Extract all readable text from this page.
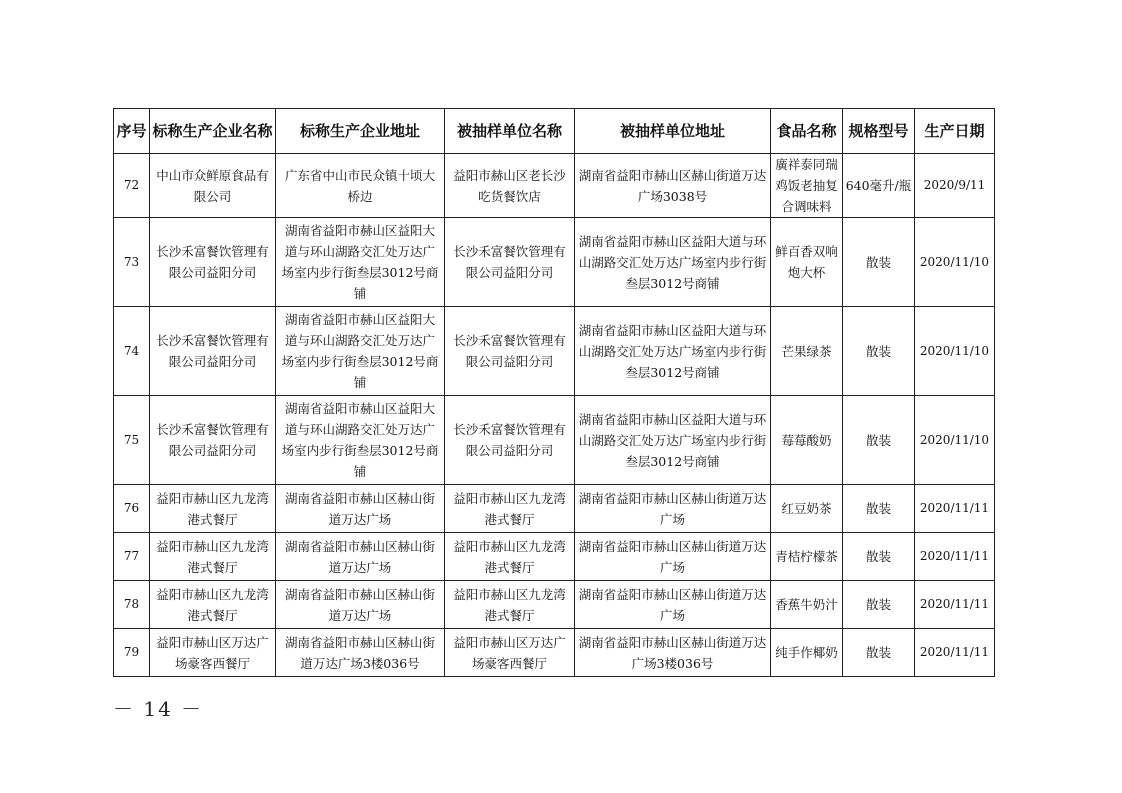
序号	标称生产企业名称	标称生产企业地址	被抽样单位名称	被抽样单位地址	食品名称	规格型号	生产日期
72	中山市众鲜原食品有限公司	广东省中山市民众镇十顷大桥边	益阳市赫山区老长沙吃货餐饮店	湖南省益阳市赫山区赫山街道万达广场3038号	廣祥泰同瑞鸡饭老抽复合调味料	640毫升/瓶	2020/9/11
73	长沙禾富餐饮管理有限公司益阳分司	湖南省益阳市赫山区益阳大道与环山湖路交汇处万达广场室内步行街叁层3012号商铺	长沙禾富餐饮管理有限公司益阳分司	湖南省益阳市赫山区益阳大道与环山湖路交汇处万达广场室内步行街叁层3012号商铺	鲜百香双响炮大杯	散装	2020/11/10
74	长沙禾富餐饮管理有限公司益阳分司	湖南省益阳市赫山区益阳大道与环山湖路交汇处万达广场室内步行街叁层3012号商铺	长沙禾富餐饮管理有限公司益阳分司	湖南省益阳市赫山区益阳大道与环山湖路交汇处万达广场室内步行街叁层3012号商铺	芒果绿茶	散装	2020/11/10
75	长沙禾富餐饮管理有限公司益阳分司	湖南省益阳市赫山区益阳大道与环山湖路交汇处万达广场室内步行街叁层3012号商铺	长沙禾富餐饮管理有限公司益阳分司	湖南省益阳市赫山区益阳大道与环山湖路交汇处万达广场室内步行街叁层3012号商铺	莓莓酸奶	散装	2020/11/10
76	益阳市赫山区九龙湾港式餐厅	湖南省益阳市赫山区赫山街道万达广场	益阳市赫山区九龙湾港式餐厅	湖南省益阳市赫山区赫山街道万达广场	红豆奶茶	散装	2020/11/11
77	益阳市赫山区九龙湾港式餐厅	湖南省益阳市赫山区赫山街道万达广场	益阳市赫山区九龙湾港式餐厅	湖南省益阳市赫山区赫山街道万达广场	青桔柠檬茶	散装	2020/11/11
78	益阳市赫山区九龙湾港式餐厅	湖南省益阳市赫山区赫山街道万达广场	益阳市赫山区九龙湾港式餐厅	湖南省益阳市赫山区赫山街道万达广场	香蕉牛奶汁	散装	2020/11/11
79	益阳市赫山区万达广场豪客西餐厅	湖南省益阳市赫山区赫山街道万达广场3楼036号	益阳市赫山区万达广场豪客西餐厅	湖南省益阳市赫山区赫山街道万达广场3楼036号	纯手作椰奶	散装	2020/11/11
－ 14 －
